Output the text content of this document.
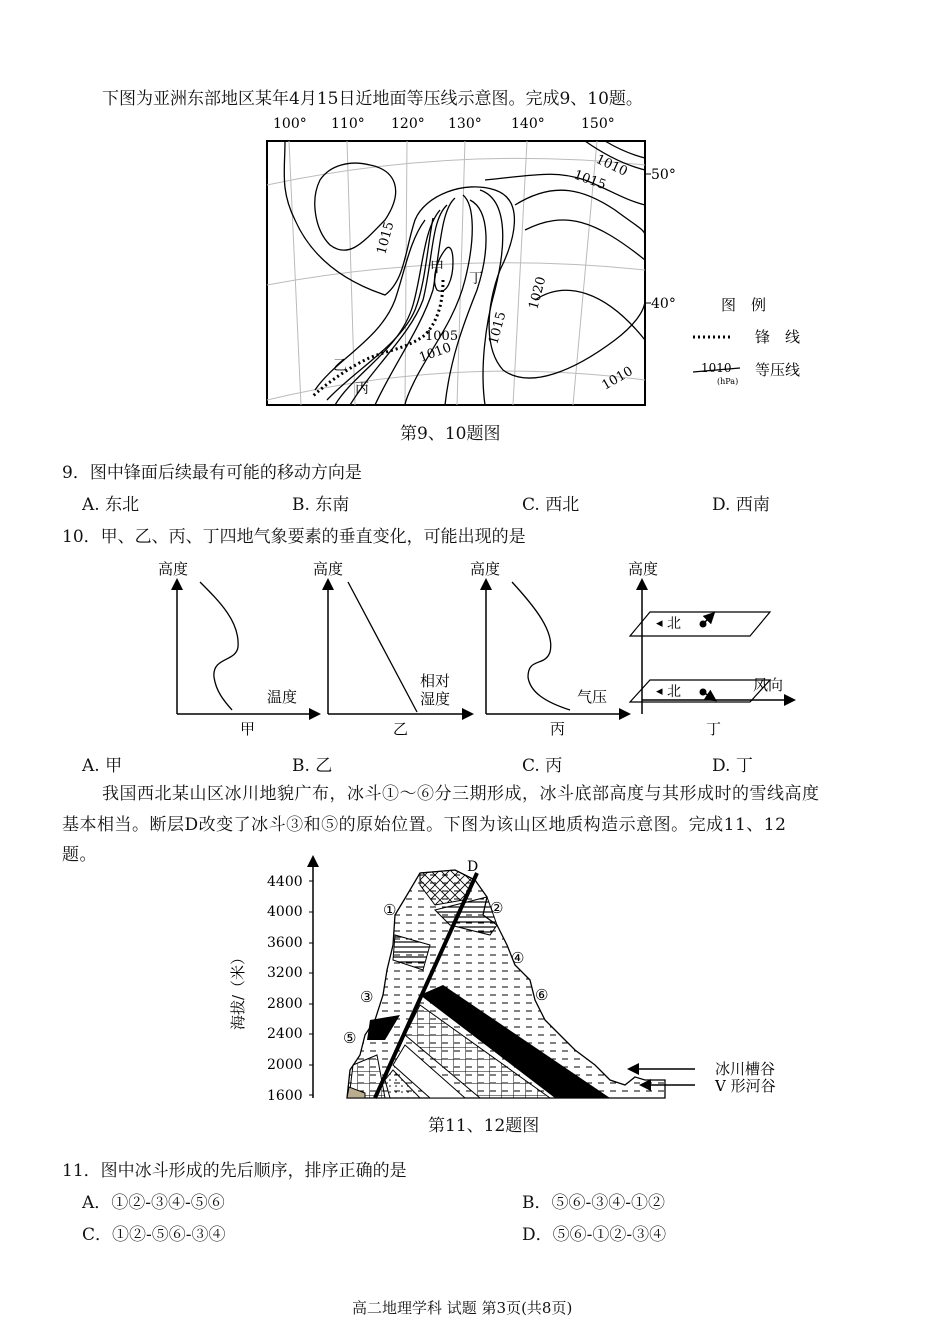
下图为亚洲东部地区某年4月15日近地面等压线示意图。完成9、10题。
100° 110° 120° 130° 140°	150°
1010
1015
1015
1005
1010
1015
1020
1010
甲
乙
丙
丁
50°
40°	图　例
锋　线
1010
(hPa)
等压线
第9、10题图
9．图中锋面后续最有可能的移动方向是
A. 东北	B. 东南	C. 西北	D. 西南
10．甲、乙、丙、丁四地气象要素的垂直变化，可能出现的是
高度
温度
甲
高度
相对
湿度
乙
高度
气压
丙
高度
风向
丁
◂ 北
◂ 北
A. 甲	B. 乙	C. 丙	D. 丁
我国西北某山区冰川地貌广布，冰斗①～⑥分三期形成，冰斗底部高度与其形成时的雪线高度
基本相当。断层D改变了冰斗③和⑤的原始位置。下图为该山区地质构造示意图。完成11、12
题。
4400
4000
3600
3200
2800
2400
2000
1600
海拔/（米）
D
①	②
③
④
⑤
⑥
冰川槽谷
V 形河谷
第11、12题图
11．图中冰斗形成的先后顺序，排序正确的是
A．①②-③④-⑤⑥	B．⑤⑥-③④-①②
C．①②-⑤⑥-③④	D．⑤⑥-①②-③④
高二地理学科 试题 第3页(共8页)
